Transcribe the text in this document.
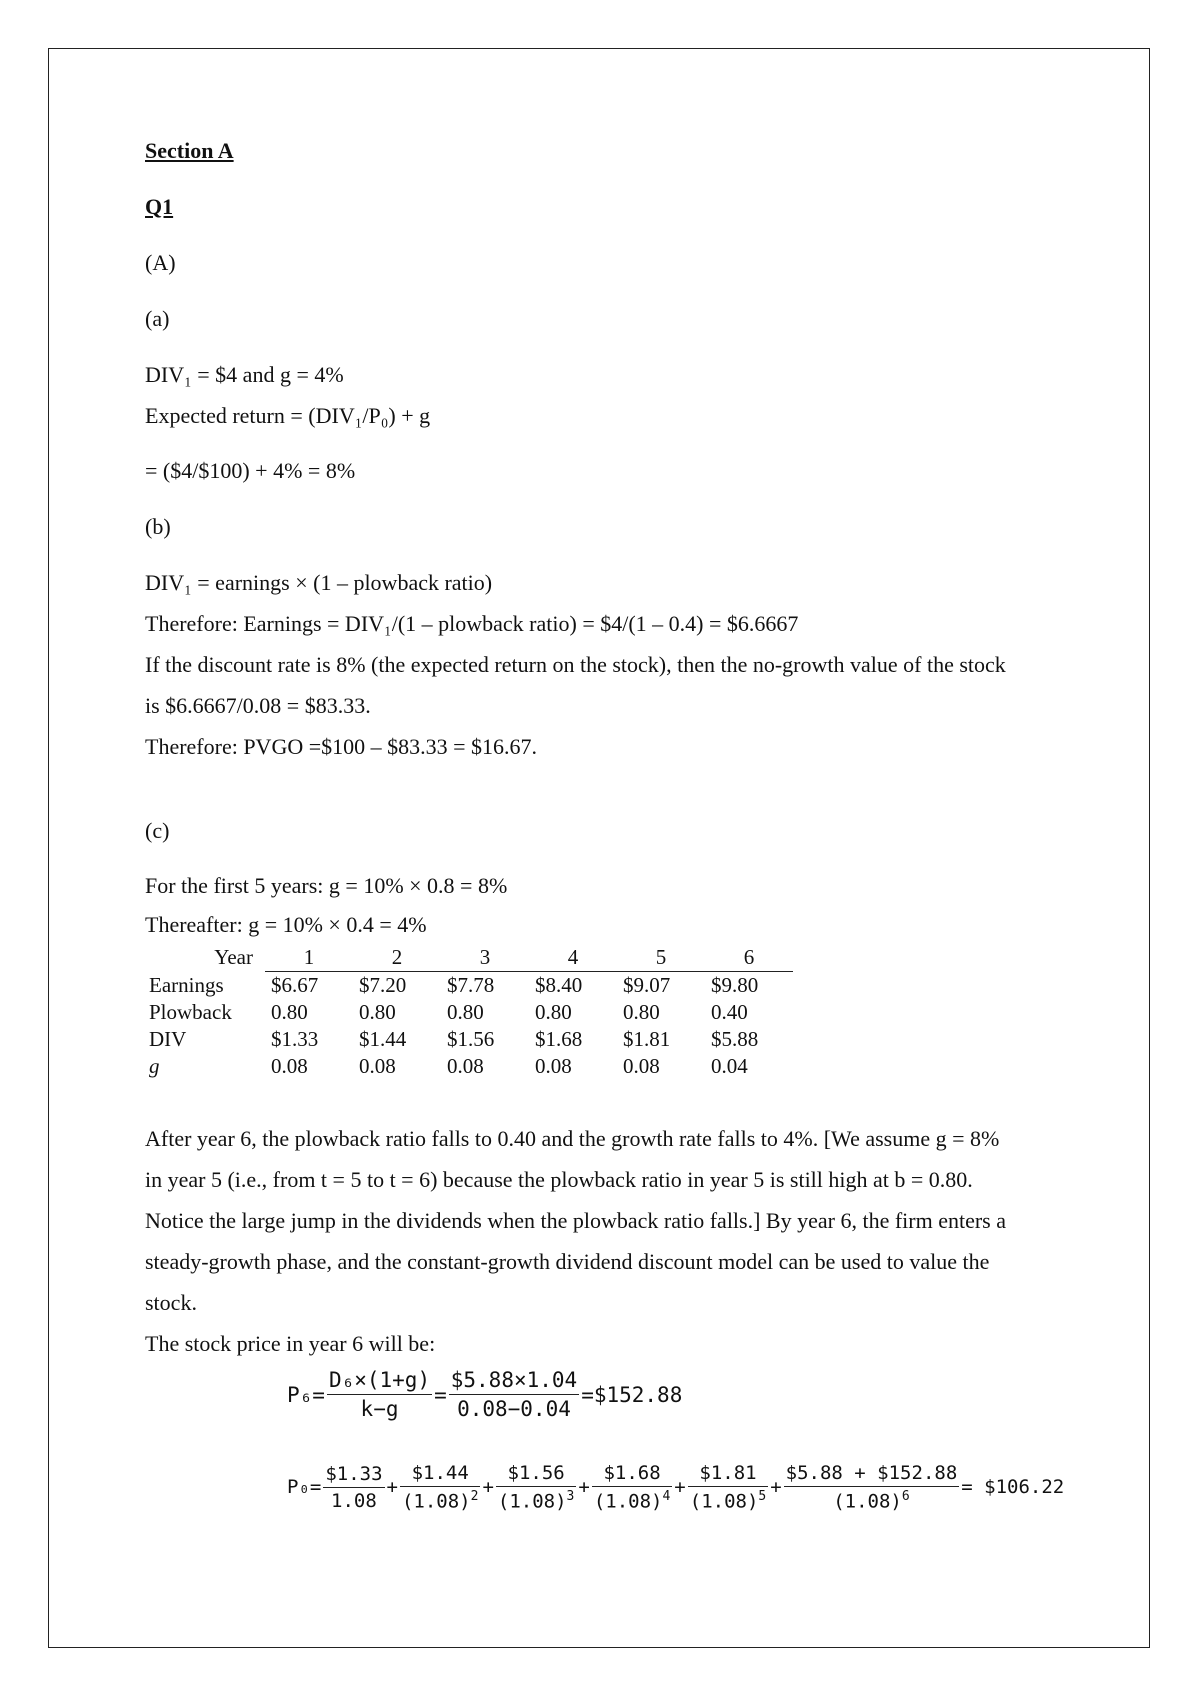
Section A
Q1
(A)
(a)
DIV₁ = $4 and g = 4%
Expected return = (DIV₁/P₀) + g
= ($4/$100) + 4% = 8%
(b)
DIV₁ = earnings × (1 – plowback ratio)
Therefore: Earnings = DIV₁/(1 – plowback ratio) = $4/(1 – 0.4) = $6.6667
If the discount rate is 8% (the expected return on the stock), then the no-growth value of the stock
is $6.6667/0.08 = $83.33.
Therefore: PVGO =$100 – $83.33 = $16.67.
(c)
For the first 5 years: g = 10% × 0.8 = 8%
Thereafter: g = 10% × 0.4 = 4%
Year	1	2	3	4	5	6
Earnings	$6.67	$7.20	$7.78	$8.40	$9.07	$9.80
Plowback	0.80	0.80	0.80	0.80	0.80	0.40
DIV	$1.33	$1.44	$1.56	$1.68	$1.81	$5.88
g	0.08	0.08	0.08	0.08	0.08	0.04
After year 6, the plowback ratio falls to 0.40 and the growth rate falls to 4%. [We assume g = 8%
in year 5 (i.e., from t = 5 to t = 6) because the plowback ratio in year 5 is still high at b = 0.80.
Notice the large jump in the dividends when the plowback ratio falls.] By year 6, the firm enters a
steady-growth phase, and the constant-growth dividend discount model can be used to value the
stock.
The stock price in year 6 will be:
$P_6= \frac{\text{D₆×(1+g)}}{k-g} = \frac{\$5.88\times 1.04}{0.08-0.04}$ =$152.88
$P_0= \frac{\$1.33}{1.08} + \frac{\$1.44}{(1.08)^2} + \frac{\$1.56}{(1.08)^3} + \frac{\$1.68}{(1.08)^4} + \frac{\$1.81}{(1.08)^5} + \frac{\$5.88 + \$152.88}{(1.08)^6}$ = $106.22
